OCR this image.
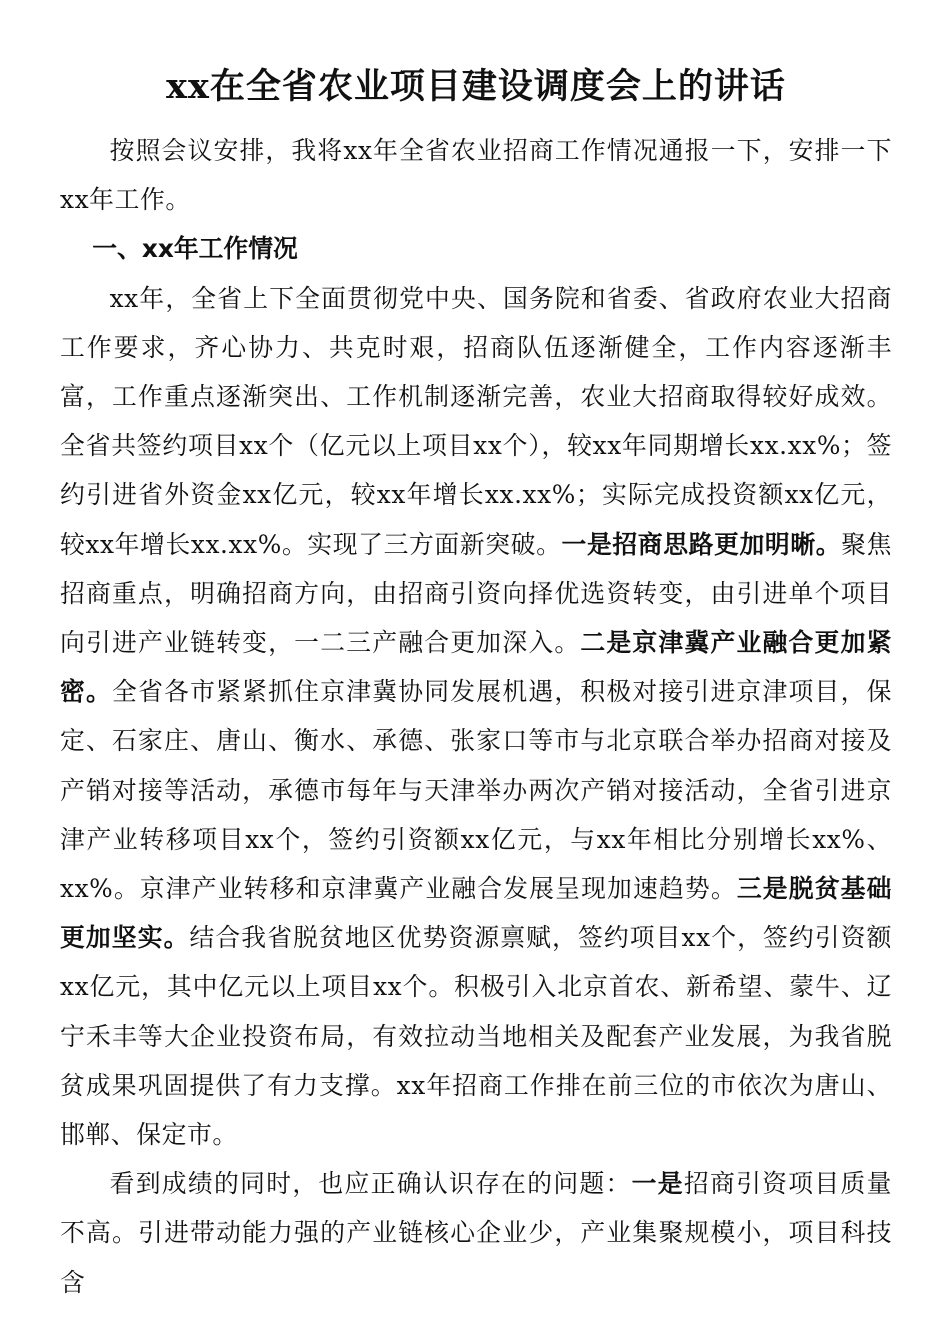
xx在全省农业项目建设调度会上的讲话

按照会议安排，我将xx年全省农业招商工作情况通报一下，安排一下xx年工作。

一、xx年工作情况

xx年，全省上下全面贯彻党中央、国务院和省委、省政府农业大招商工作要求，齐心协力、共克时艰，招商队伍逐渐健全，工作内容逐渐丰富，工作重点逐渐突出、工作机制逐渐完善，农业大招商取得较好成效。全省共签约项目xx个（亿元以上项目xx个），较xx年同期增长xx.xx%；签约引进省外资金xx亿元，较xx年增长xx.xx%；实际完成投资额xx亿元，较xx年增长xx.xx%。实现了三方面新突破。一是招商思路更加明晰。聚焦招商重点，明确招商方向，由招商引资向择优选资转变，由引进单个项目向引进产业链转变，一二三产融合更加深入。二是京津冀产业融合更加紧密。全省各市紧紧抓住京津冀协同发展机遇，积极对接引进京津项目，保定、石家庄、唐山、衡水、承德、张家口等市与北京联合举办招商对接及产销对接等活动，承德市每年与天津举办两次产销对接活动，全省引进京津产业转移项目xx个，签约引资额xx亿元，与xx年相比分别增长xx%、xx%。京津产业转移和京津冀产业融合发展呈现加速趋势。三是脱贫基础更加坚实。结合我省脱贫地区优势资源禀赋，签约项目xx个，签约引资额xx亿元，其中亿元以上项目xx个。积极引入北京首农、新希望、蒙牛、辽宁禾丰等大企业投资布局，有效拉动当地相关及配套产业发展，为我省脱贫成果巩固提供了有力支撑。xx年招商工作排在前三位的市依次为唐山、邯郸、保定市。

看到成绩的同时，也应正确认识存在的问题：一是招商引资项目质量不高。引进带动能力强的产业链核心企业少，产业集聚规模小，项目科技含
